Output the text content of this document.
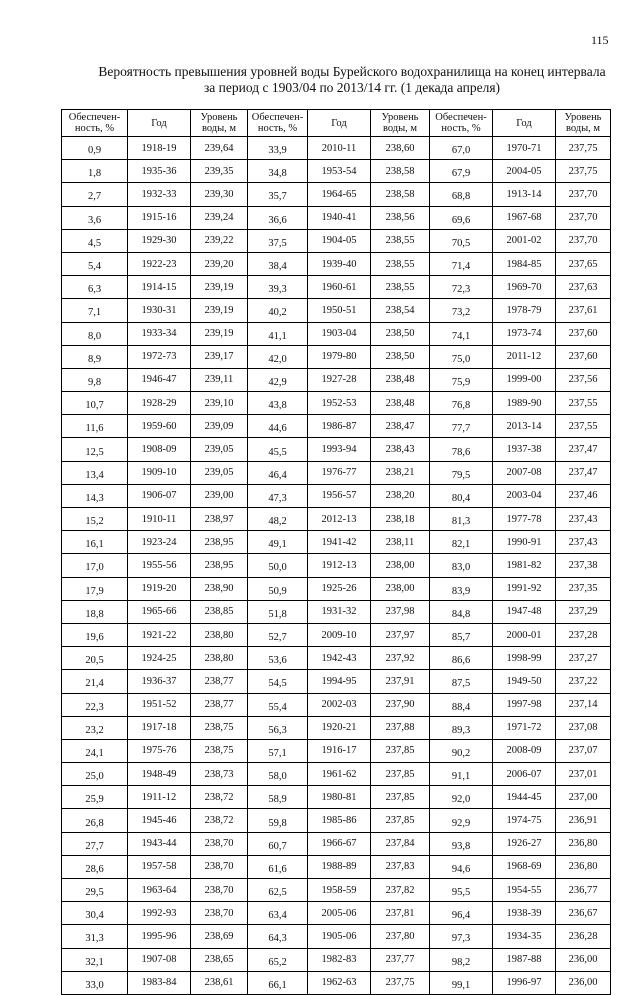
115
Вероятность превышения уровней воды Бурейского водохранилища на конец интервала
за период с 1903/04 по 2013/14 гг. (1 декада апреля)
Обеспечен-ность, %	Год	Уровень воды, м	Обеспечен-ность, %	Год	Уровень воды, м	Обеспечен-ность, %	Год	Уровень воды, м
0,9	1918-19	239,64	33,9	2010-11	238,60	67,0	1970-71	237,75
1,8	1935-36	239,35	34,8	1953-54	238,58	67,9	2004-05	237,75
2,7	1932-33	239,30	35,7	1964-65	238,58	68,8	1913-14	237,70
3,6	1915-16	239,24	36,6	1940-41	238,56	69,6	1967-68	237,70
4,5	1929-30	239,22	37,5	1904-05	238,55	70,5	2001-02	237,70
5,4	1922-23	239,20	38,4	1939-40	238,55	71,4	1984-85	237,65
6,3	1914-15	239,19	39,3	1960-61	238,55	72,3	1969-70	237,63
7,1	1930-31	239,19	40,2	1950-51	238,54	73,2	1978-79	237,61
8,0	1933-34	239,19	41,1	1903-04	238,50	74,1	1973-74	237,60
8,9	1972-73	239,17	42,0	1979-80	238,50	75,0	2011-12	237,60
9,8	1946-47	239,11	42,9	1927-28	238,48	75,9	1999-00	237,56
10,7	1928-29	239,10	43,8	1952-53	238,48	76,8	1989-90	237,55
11,6	1959-60	239,09	44,6	1986-87	238,47	77,7	2013-14	237,55
12,5	1908-09	239,05	45,5	1993-94	238,43	78,6	1937-38	237,47
13,4	1909-10	239,05	46,4	1976-77	238,21	79,5	2007-08	237,47
14,3	1906-07	239,00	47,3	1956-57	238,20	80,4	2003-04	237,46
15,2	1910-11	238,97	48,2	2012-13	238,18	81,3	1977-78	237,43
16,1	1923-24	238,95	49,1	1941-42	238,11	82,1	1990-91	237,43
17,0	1955-56	238,95	50,0	1912-13	238,00	83,0	1981-82	237,38
17,9	1919-20	238,90	50,9	1925-26	238,00	83,9	1991-92	237,35
18,8	1965-66	238,85	51,8	1931-32	237,98	84,8	1947-48	237,29
19,6	1921-22	238,80	52,7	2009-10	237,97	85,7	2000-01	237,28
20,5	1924-25	238,80	53,6	1942-43	237,92	86,6	1998-99	237,27
21,4	1936-37	238,77	54,5	1994-95	237,91	87,5	1949-50	237,22
22,3	1951-52	238,77	55,4	2002-03	237,90	88,4	1997-98	237,14
23,2	1917-18	238,75	56,3	1920-21	237,88	89,3	1971-72	237,08
24,1	1975-76	238,75	57,1	1916-17	237,85	90,2	2008-09	237,07
25,0	1948-49	238,73	58,0	1961-62	237,85	91,1	2006-07	237,01
25,9	1911-12	238,72	58,9	1980-81	237,85	92,0	1944-45	237,00
26,8	1945-46	238,72	59,8	1985-86	237,85	92,9	1974-75	236,91
27,7	1943-44	238,70	60,7	1966-67	237,84	93,8	1926-27	236,80
28,6	1957-58	238,70	61,6	1988-89	237,83	94,6	1968-69	236,80
29,5	1963-64	238,70	62,5	1958-59	237,82	95,5	1954-55	236,77
30,4	1992-93	238,70	63,4	2005-06	237,81	96,4	1938-39	236,67
31,3	1995-96	238,69	64,3	1905-06	237,80	97,3	1934-35	236,28
32,1	1907-08	238,65	65,2	1982-83	237,77	98,2	1987-88	236,00
33,0	1983-84	238,61	66,1	1962-63	237,75	99,1	1996-97	236,00
